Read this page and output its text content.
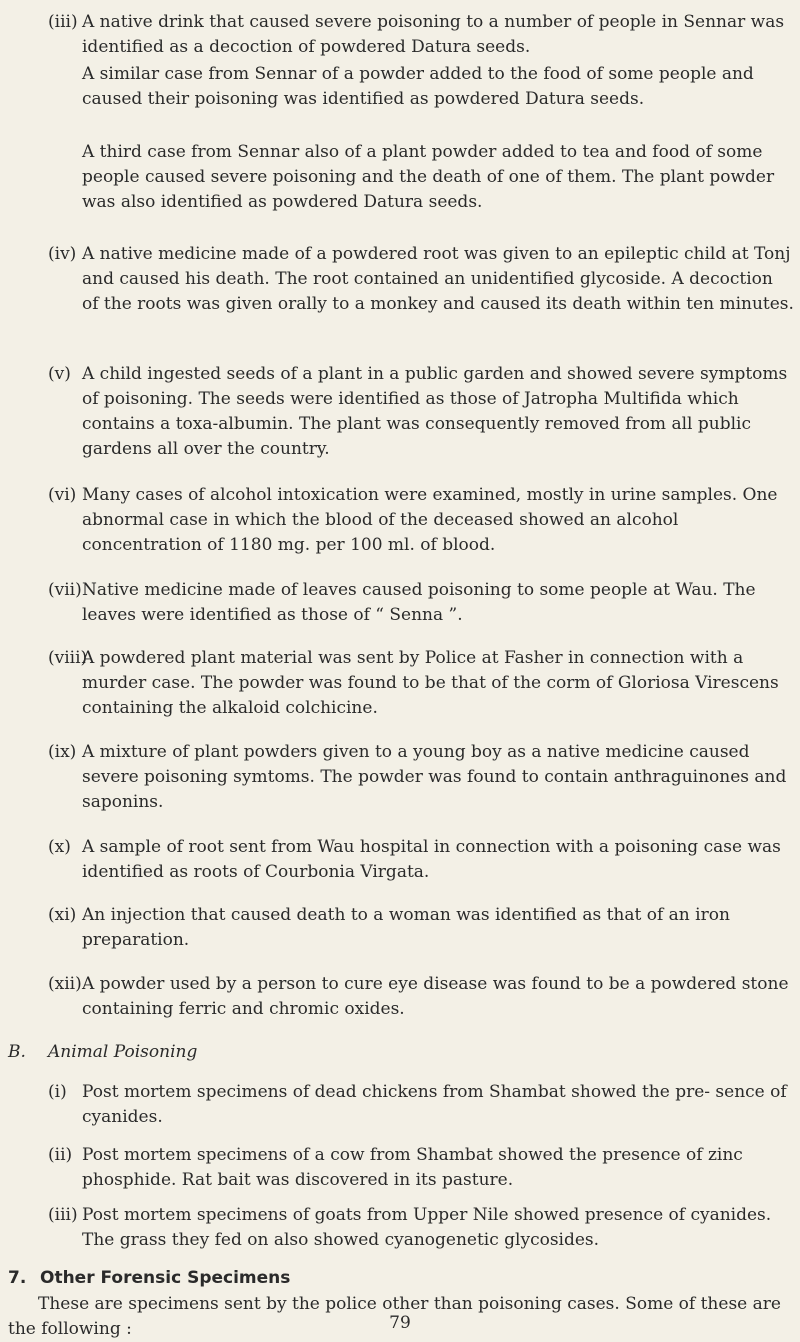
(iii) A native drink that caused severe poisoning to a number of people in Sennar was identified as a decoction of powdered Datura seeds.
A similar case from Sennar of a powder added to the food of some people and caused their poisoning was identified as powdered Datura seeds.
A third case from Sennar also of a plant powder added to tea and food of some people caused severe poisoning and the death of one of them. The plant powder was also identified as powdered Datura seeds.
(iv) A native medicine made of a powdered root was given to an epileptic child at Tonj and caused his death. The root contained an unidentified glycoside. A decoction of the roots was given orally to a monkey and caused its death within ten minutes.
(v) A child ingested seeds of a plant in a public garden and showed severe symptoms of poisoning. The seeds were identified as those of Jatropha Multifida which contains a toxa-albumin. The plant was consequently removed from all public gardens all over the country.
(vi) Many cases of alcohol intoxication were examined, mostly in urine samples. One abnormal case in which the blood of the deceased showed an alcohol concentration of 1180 mg. per 100 ml. of blood.
(vii) Native medicine made of leaves caused poisoning to some people at Wau. The leaves were identified as those of “ Senna ”.
(viii)
A powdered plant material was sent by Police at Fasher in connection with a murder case. The powder was found to be that of the corm of Gloriosa Virescens containing the alkaloid colchicine.
(ix) A mixture of plant powders given to a young boy as a native medicine caused severe poisoning symtoms. The powder was found to contain anthraguinones and saponins.
(x) A sample of root sent from Wau hospital in connection with a poisoning case was identified as roots of Courbonia Virgata.
(xi) An injection that caused death to a woman was identified as that of an iron preparation.
(xii) A powder used by a person to cure eye disease was found to be a powdered stone containing ferric and chromic oxides.
B. Animal Poisoning
(i) Post mortem specimens of dead chickens from Shambat showed the pre- sence of cyanides.
(ii) Post mortem specimens of a cow from Shambat showed the presence of zinc phosphide. Rat bait was discovered in its pasture.
(iii) Post mortem specimens of goats from Upper Nile showed presence of cyanides. The grass they fed on also showed cyanogenetic glycosides.
7. Other Forensic Specimens
These are specimens sent by the police other than poisoning cases. Some of these are the following :	79
